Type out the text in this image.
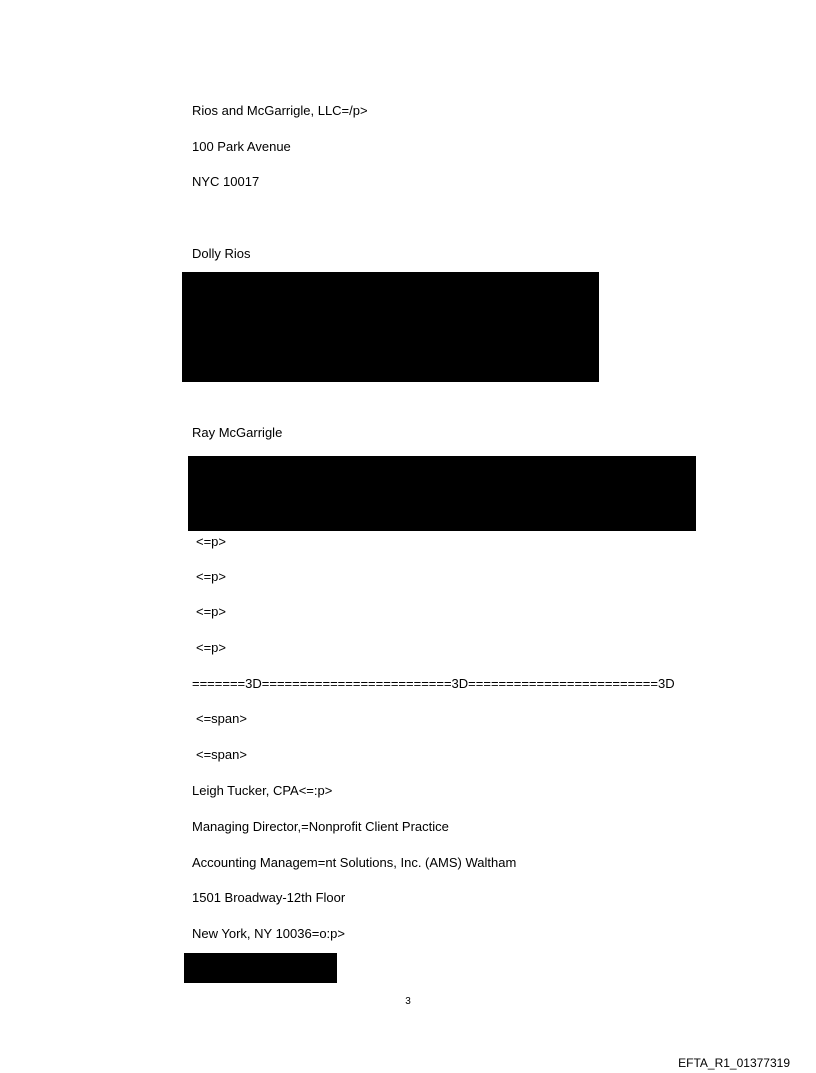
Rios and McGarrigle, LLC=/p>
100 Park Avenue
NYC 10017
Dolly Rios
Ray McGarrigle
<=p>
<=p>
<=p>
<=p>
=======3D=========================3D=========================3D
<=span>
<=span>
Leigh Tucker, CPA<=:p>
Managing Director,=Nonprofit Client Practice
Accounting Managem=nt Solutions, Inc. (AMS) Waltham
1501 Broadway-12th Floor
New York, NY 10036=o:p>
3
EFTA_R1_01377319
